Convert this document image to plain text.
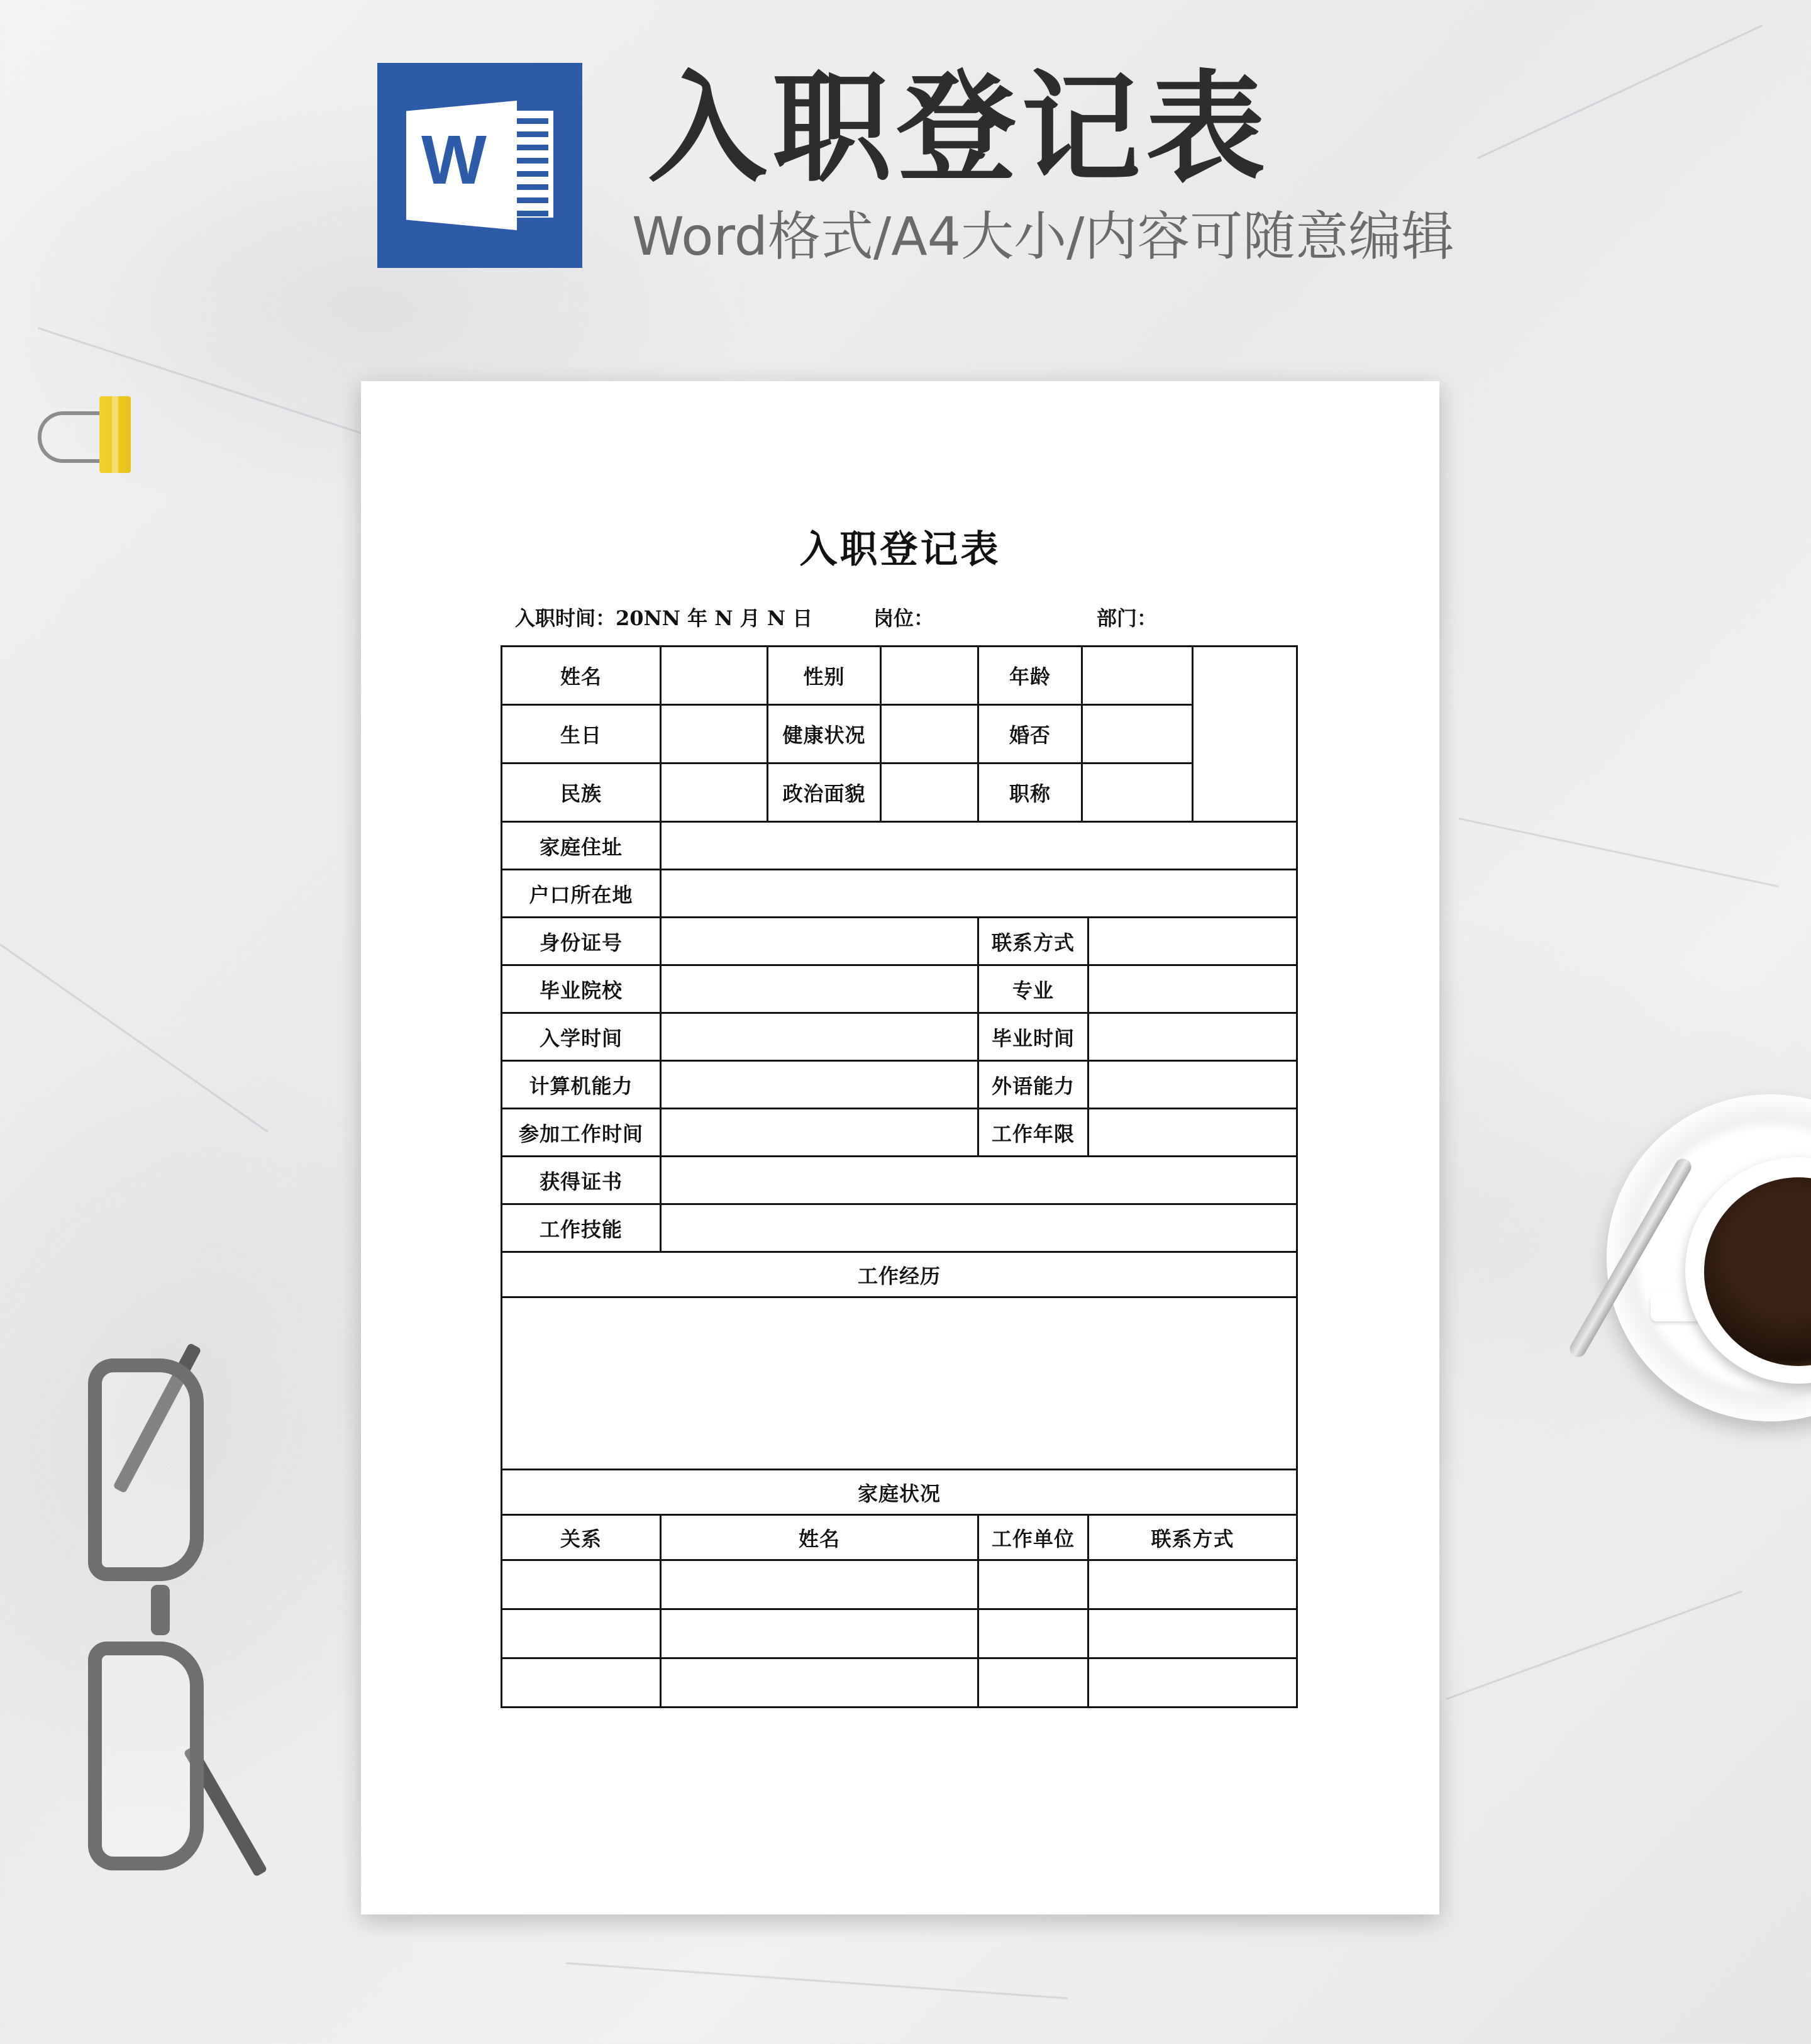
W 入职登记表
Word格式/A4大小/内容可随意编辑
入职登记表
入职时间：20NN 年 N 月 N 日	岗位：	部门：
姓名		性别		年龄			
生日		健康状况		婚否			
民族		政治面貌		职称			
家庭住址							
户口所在地							
身份证号				联系方式			
毕业院校				专业			
入学时间				毕业时间			
计算机能力				外语能力			
参加工作时间				工作年限			
获得证书							
工作技能							
工作经历							

家庭状况							
关系	姓名			工作单位		联系方式	
